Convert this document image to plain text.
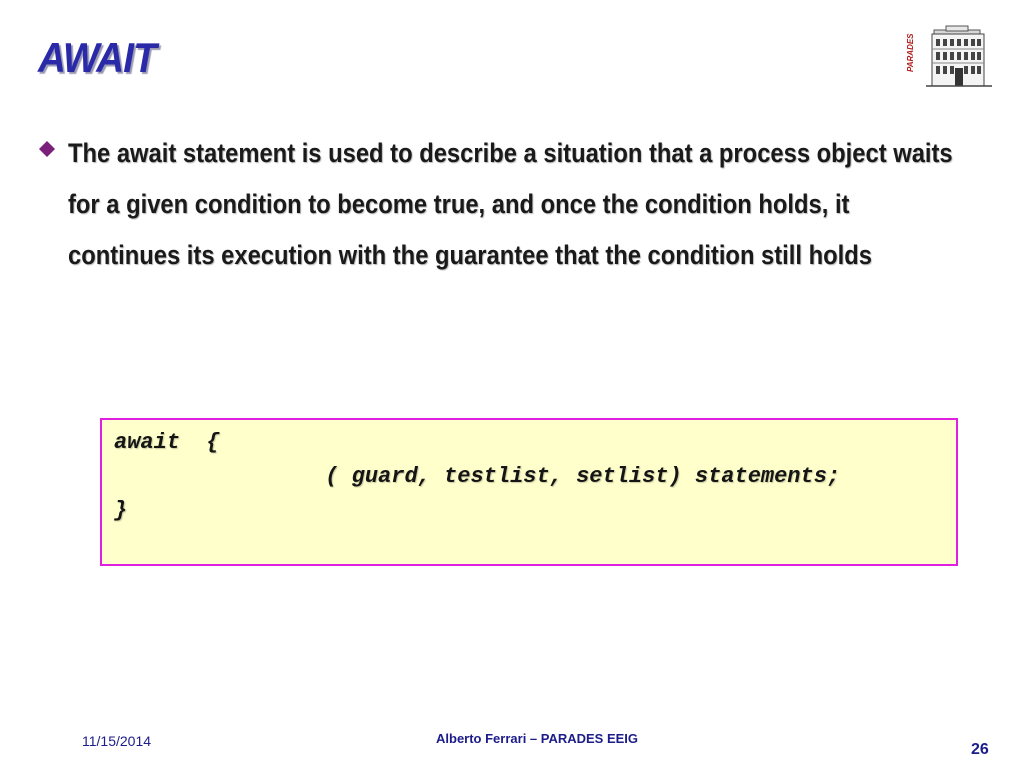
AWAIT	PARADES

The await statement is used to describe a situation that a process object waits for a given condition to become true, and once the condition holds, it continues its execution with the guarantee that the condition still holds

await  {
( guard, testlist, setlist) statements;
}
11/15/2014	Alberto Ferrari – PARADES EEIG
26
